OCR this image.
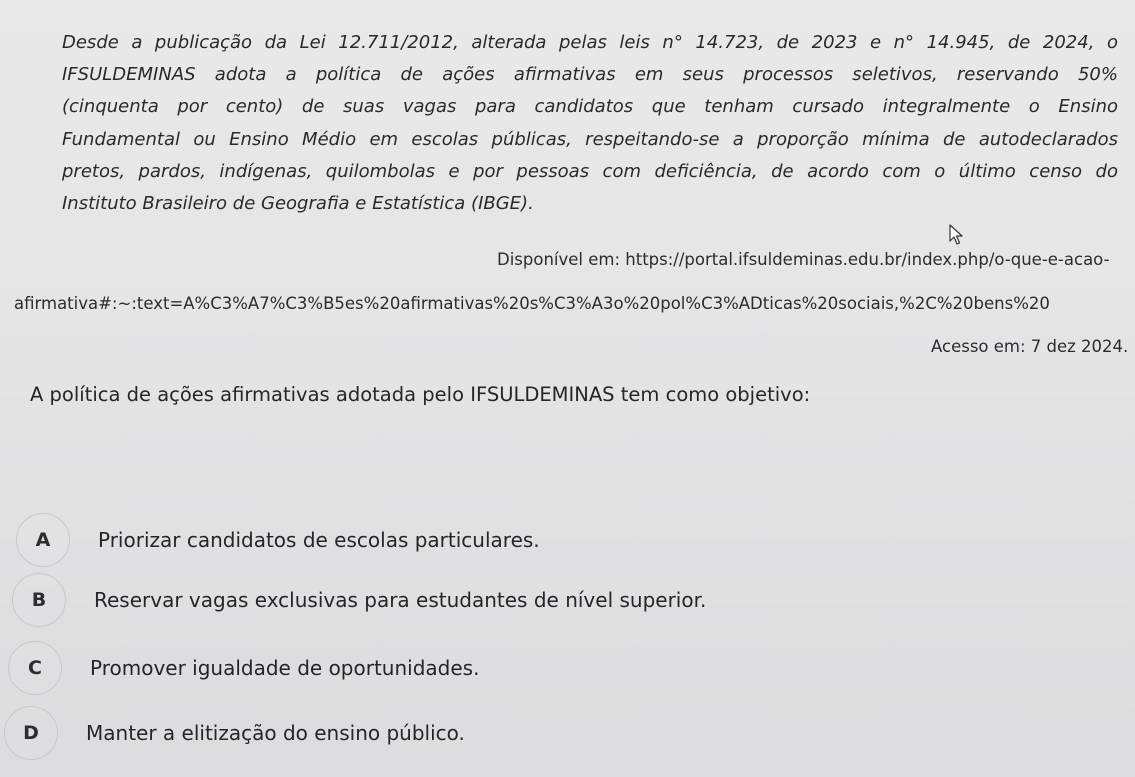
Desde a publicação da Lei 12.711/2012, alterada pelas leis n° 14.723, de 2023 e n° 14.945, de 2024, o
IFSULDEMINAS adota a política de ações afirmativas em seus processos seletivos, reservando 50%
(cinquenta por cento) de suas vagas para candidatos que tenham cursado integralmente o Ensino
Fundamental ou Ensino Médio em escolas públicas, respeitando-se a proporção mínima de autodeclarados
pretos, pardos, indígenas, quilombolas e por pessoas com deficiência, de acordo com o último censo do
Instituto Brasileiro de Geografia e Estatística (IBGE).
Disponível em: https://portal.ifsuldeminas.edu.br/index.php/o-que-e-acao-
afirmativa#:~:text=A%C3%A7%C3%B5es%20afirmativas%20s%C3%A3o%20pol%C3%ADticas%20sociais,%2C%20bens%20
Acesso em: 7 dez 2024.
A política de ações afirmativas adotada pelo IFSULDEMINAS tem como objetivo:
A	Priorizar candidatos de escolas particulares.
B	Reservar vagas exclusivas para estudantes de nível superior.
C	Promover igualdade de oportunidades.
D	Manter a elitização do ensino público.
